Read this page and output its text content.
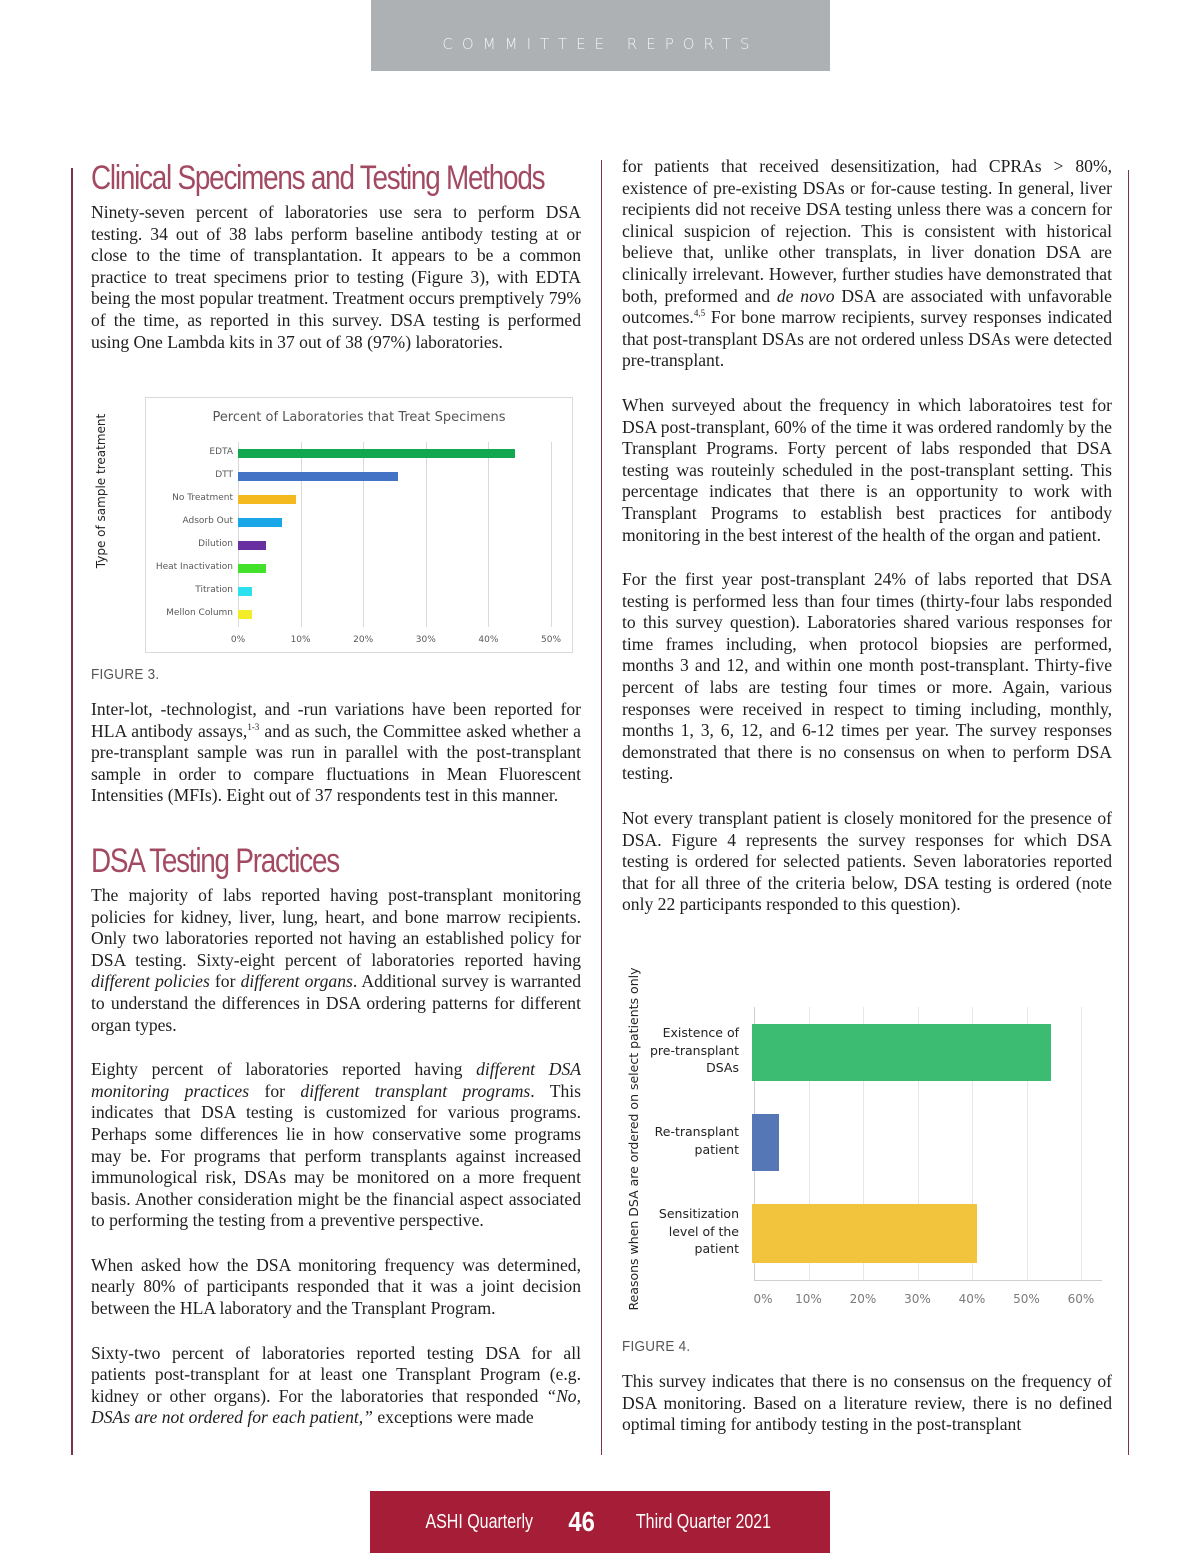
COMMITTEE REPORTS
Clinical Specimens and Testing Methods

Ninety-seven percent of laboratories use sera to perform DSA testing. 34 out of 38 labs perform baseline antibody testing at or close to the time of transplantation. It appears to be a common practice to treat specimens prior to testing (Figure 3), with EDTA being the most popular treatment. Treatment occurs premptively 79% of the time, as reported in this survey. DSA testing is performed using One Lambda kits in 37 out of 38 (97%) laboratories.

Type of sample treatment	Percent of Laboratories that Treat Specimens
EDTA
DTT
No Treatment
Adsorb Out
Dilution
Heat Inactivation
Titration
Mellon Column
0%	10%	20%	30%	40%	50%
FIGURE 3.

Inter-lot, -technologist, and -run variations have been reported for HLA antibody assays,$^{1-3}$ and as such, the Committee asked whether a pre-transplant sample was run in parallel with the post-transplant sample in order to compare fluctuations in Mean Fluorescent Intensities (MFIs). Eight out of 37 respondents test in this manner.

DSA Testing Practices

The majority of labs reported having post-transplant monitoring policies for kidney, liver, lung, heart, and bone marrow recipients. Only two laboratories reported not having an established policy for DSA testing. Sixty-eight percent of laboratories reported having different policies for different organs. Additional survey is warranted to understand the differences in DSA ordering patterns for different organ types.

Eighty percent of laboratories reported having different DSA monitoring practices for different transplant programs. This indicates that DSA testing is customized for various programs. Perhaps some differences lie in how conservative some programs may be. For programs that perform transplants against increased immunological risk, DSAs may be monitored on a more frequent basis. Another consideration might be the financial aspect associated to performing the testing from a preventive perspective.

When asked how the DSA monitoring frequency was determined, nearly 80% of participants responded that it was a joint decision between the HLA laboratory and the Transplant Program.

Sixty-two percent of laboratories reported testing DSA for all patients post-transplant for at least one Transplant Program (e.g. kidney or other organs). For the laboratories that responded “No, DSAs are not ordered for each patient,” exceptions were made

for patients that received desensitization, had CPRAs > 80%, existence of pre-existing DSAs or for-cause testing. In general, liver recipients did not receive DSA testing unless there was a concern for clinical suspicion of rejection. This is consistent with historical believe that, unlike other transplats, in liver donation DSA are clinically irrelevant. However, further studies have demonstrated that both, preformed and de novo DSA are associated with unfavorable outcomes.$^{4,5}$ For bone marrow recipients, survey responses indicated that post-transplant DSAs are not ordered unless DSAs were detected pre-transplant.

When surveyed about the frequency in which laboratoires test for DSA post-transplant, 60% of the time it was ordered randomly by the Transplant Programs. Forty percent of labs responded that DSA testing was routeinly scheduled in the post-transplant setting. This percentage indicates that there is an opportunity to work with Transplant Programs to establish best practices for antibody monitoring in the best interest of the health of the organ and patient.

For the first year post-transplant 24% of labs reported that DSA testing is performed less than four times (thirty-four labs responded to this survey question). Laboratories shared various responses for time frames including, when protocol biopsies are performed, months 3 and 12, and within one month post-transplant. Thirty-five percent of labs are testing four times or more. Again, various responses were received in respect to timing including, monthly, months 1, 3, 6, 12, and 6-12 times per year. The survey responses demonstrated that there is no consensus on when to perform DSA testing.

Not every transplant patient is closely monitored for the presence of DSA. Figure 4 represents the survey responses for which DSA testing is ordered for selected patients. Seven laboratories reported that for all three of the criteria below, DSA testing is ordered (note only 22 participants responded to this question).

Reasons when DSA are ordered on select patients only	Existence of
pre-transplant
DSAs
Re-transplant
patient
Sensitization
level of the
patient
0% 10% 20% 30% 40% 50% 60%
FIGURE 4.

This survey indicates that there is no consensus on the frequency of DSA monitoring. Based on a literature review, there is no defined optimal timing for antibody testing in the post-transplant

ASHI Quarterly 46 Third Quarter 2021
